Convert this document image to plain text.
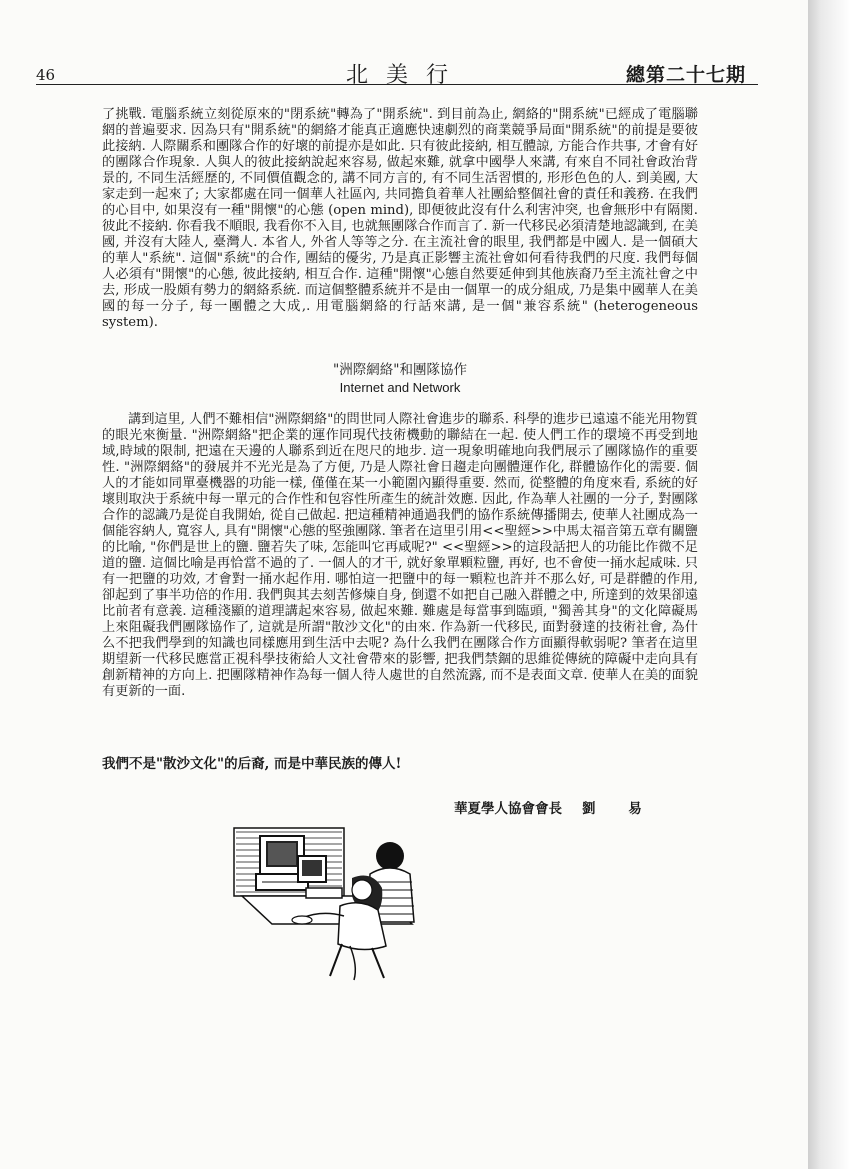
46	北美行	總第二十七期
了挑戰. 電腦系統立刻從原來的"閉系統"轉為了"開系統". 到目前為止, 網絡的"開系統"已經成了電腦聯網的普遍要求. 因為只有"開系統"的網絡才能真正適應快速劇烈的商業競爭局面"開系統"的前提是要彼此接納. 人際關系和團隊合作的好壞的前提亦是如此. 只有彼此接納, 相互體諒, 方能合作共事, 才會有好的團隊合作現象. 人與人的彼此接納說起來容易, 做起來難, 就拿中國學人來講, 有來自不同社會政治背景的, 不同生活經歷的, 不同價值觀念的, 講不同方言的, 有不同生活習慣的, 形形色色的人. 到美國, 大家走到一起來了; 大家都處在同一個華人社區內, 共同擔負着華人社團給整個社會的責任和義務. 在我們的心目中, 如果沒有一種"開懷"的心態 (open mind), 即便彼此沒有什么利害沖突, 也會無形中有隔閡. 彼此不接納. 你看我不順眼, 我看你不入目, 也就無團隊合作而言了. 新一代移民必須清楚地認識到, 在美國, 并沒有大陸人, 臺灣人. 本省人, 外省人等等之分. 在主流社會的眼里, 我們都是中國人. 是一個碩大的華人"系統". 這個"系統"的合作, 團結的優劣, 乃是真正影響主流社會如何看待我們的尺度. 我們每個人必須有"開懷"的心態, 彼此接納, 相互合作. 這種"開懷"心態自然要延伸到其他族裔乃至主流社會之中去, 形成一股頗有勢力的網絡系統. 而這個整體系統并不是由一個單一的成分組成, 乃是集中國華人在美國的每一分子, 每一團體之大成,. 用電腦網絡的行話來講, 是一個"兼容系統" (heterogeneous system).
"洲際網絡"和團隊協作
Internet and Network
講到這里, 人們不難相信"洲際網絡"的問世同人際社會進步的聯系. 科學的進步已遠遠不能光用物質的眼光來衡量. "洲際網絡"把企業的運作同現代技術機動的聯結在一起. 使人們工作的環境不再受到地域,時域的限制, 把遠在天邊的人聯系到近在咫尺的地步. 這一現象明確地向我們展示了團隊協作的重要性. "洲際網絡"的發展并不光光是為了方便, 乃是人際社會日趨走向團體運作化, 群體協作化的需要. 個人的才能如同單臺機器的功能一樣, 僅僅在某一小範圍內顯得重要. 然而, 從整體的角度來看, 系統的好壞則取決于系統中每一單元的合作性和包容性所產生的統計效應. 因此, 作為華人社團的一分子, 對團隊合作的認識乃是從自我開始, 從自己做起. 把這種精神通過我們的協作系統傳播開去, 使華人社團成為一個能容納人, 寬容人, 具有"開懷"心態的堅強團隊. 筆者在這里引用<<聖經>>中馬太福音第五章有關鹽的比喻, "你們是世上的鹽. 鹽若失了味, 怎能叫它再咸呢?" <<聖經>>的這段話把人的功能比作微不足道的鹽. 這個比喻是再恰當不過的了. 一個人的才干, 就好象單顆粒鹽, 再好, 也不會使一捅水起咸味. 只有一把鹽的功效, 才會對一捅水起作用. 哪怕這一把鹽中的每一顆粒也許并不那么好, 可是群體的作用, 卻起到了事半功倍的作用. 我們與其去刻苦修煉自身, 倒還不如把自己融入群體之中, 所達到的效果卻遠比前者有意義. 這種淺顯的道理講起來容易, 做起來難. 難處是每當事到臨頭, "獨善其身"的文化障礙馬上來阻礙我們團隊協作了, 這就是所謂"散沙文化"的由來. 作為新一代移民, 面對發達的技術社會, 為什么不把我們學到的知識也同樣應用到生活中去呢? 為什么我們在團隊合作方面顯得軟弱呢? 筆者在這里期望新一代移民應當正視科學技術給人文社會帶來的影響, 把我們禁錮的思維從傳統的障礙中走向具有創新精神的方向上. 把團隊精神作為每一個人待人處世的自然流露, 而不是表面文章. 使華人在美的面貌有更新的一面.
我們不是"散沙文化"的后裔, 而是中華民族的傳人!
華夏學人協會會長 劉 易
